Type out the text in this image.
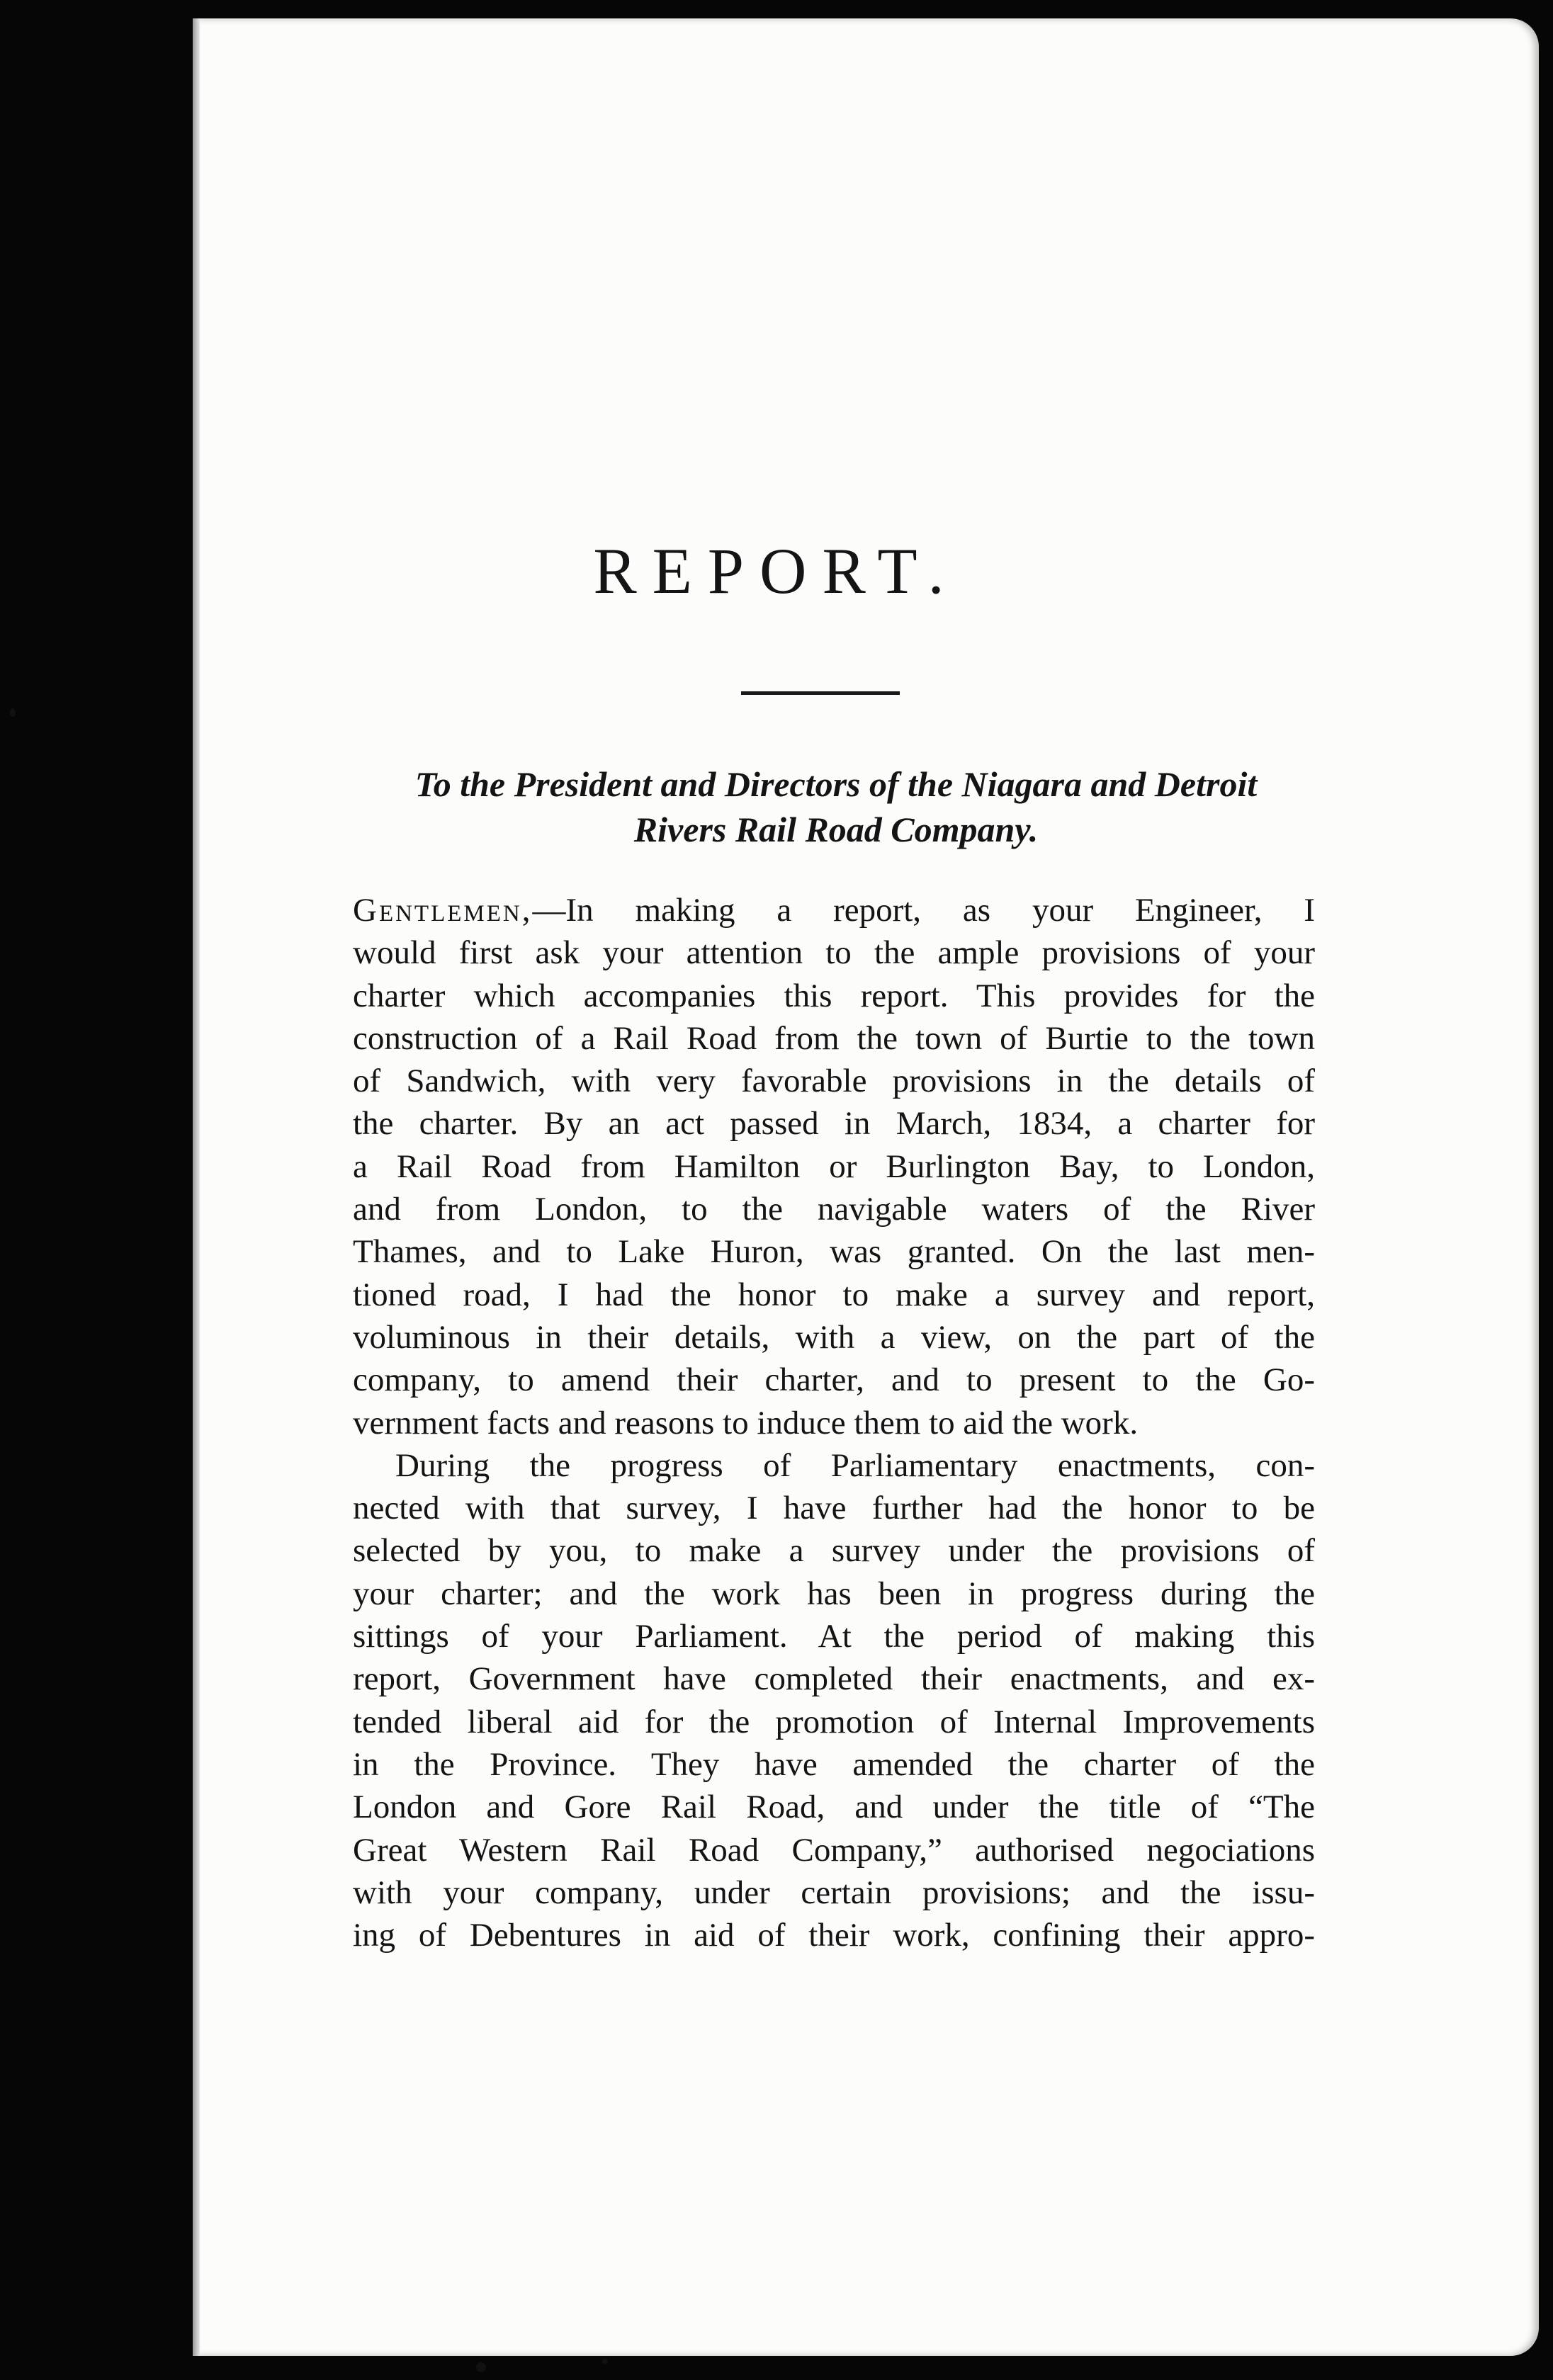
REPORT.

To the President and Directors of the Niagara and Detroit
Rivers Rail Road Company.

Gentlemen,—In making a report, as your Engineer, I
would first ask your attention to the ample provisions of your
charter which accompanies this report. This provides for the
construction of a Rail Road from the town of Burtie to the town
of Sandwich, with very favorable provisions in the details of
the charter. By an act passed in March, 1834, a charter for
a Rail Road from Hamilton or Burlington Bay, to London,
and from London, to the navigable waters of the River
Thames, and to Lake Huron, was granted. On the last men-
tioned road, I had the honor to make a survey and report,
voluminous in their details, with a view, on the part of the
company, to amend their charter, and to present to the Go-
vernment facts and reasons to induce them to aid the work.
During the progress of Parliamentary enactments, con-
nected with that survey, I have further had the honor to be
selected by you, to make a survey under the provisions of
your charter; and the work has been in progress during the
sittings of your Parliament. At the period of making this
report, Government have completed their enactments, and ex-
tended liberal aid for the promotion of Internal Improvements
in the Province. They have amended the charter of the
London and Gore Rail Road, and under the title of “The
Great Western Rail Road Company,” authorised negociations
with your company, under certain provisions; and the issu-
ing of Debentures in aid of their work, confining their appro-
